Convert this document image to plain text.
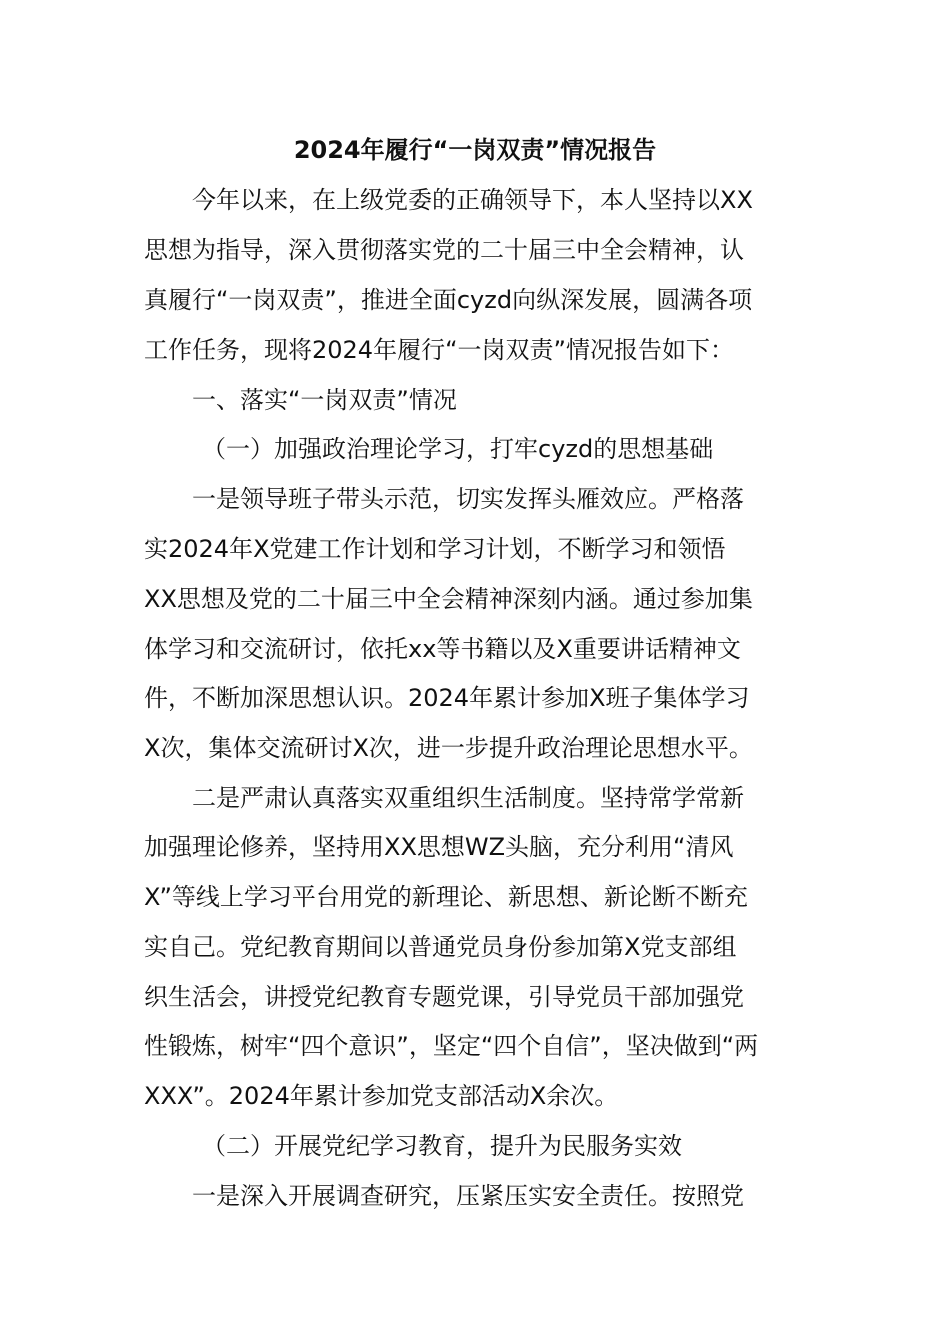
2024年履行“一岗双责”情况报告

今年以来，在上级党委的正确领导下，本人坚持以XX

思想为指导，深入贯彻落实党的二十届三中全会精神，认

真履行“一岗双责”，推进全面cyzd向纵深发展，圆满各项

工作任务，现将2024年履行“一岗双责”情况报告如下：

一、落实“一岗双责”情况

（一）加强政治理论学习，打牢cyzd的思想基础

一是领导班子带头示范，切实发挥头雁效应。严格落

实2024年X党建工作计划和学习计划，不断学习和领悟

XX思想及党的二十届三中全会精神深刻内涵。通过参加集

体学习和交流研讨，依托xx等书籍以及X重要讲话精神文

件，不断加深思想认识。2024年累计参加X班子集体学习

X次，集体交流研讨X次，进一步提升政治理论思想水平。

二是严肃认真落实双重组织生活制度。坚持常学常新

加强理论修养，坚持用XX思想WZ头脑，充分利用“清风

X”等线上学习平台用党的新理论、新思想、新论断不断充

实自己。党纪教育期间以普通党员身份参加第X党支部组

织生活会，讲授党纪教育专题党课，引导党员干部加强党

性锻炼，树牢“四个意识”，坚定“四个自信”，坚决做到“两

XXX”。2024年累计参加党支部活动X余次。

（二）开展党纪学习教育，提升为民服务实效

一是深入开展调查研究，压紧压实安全责任。按照党
